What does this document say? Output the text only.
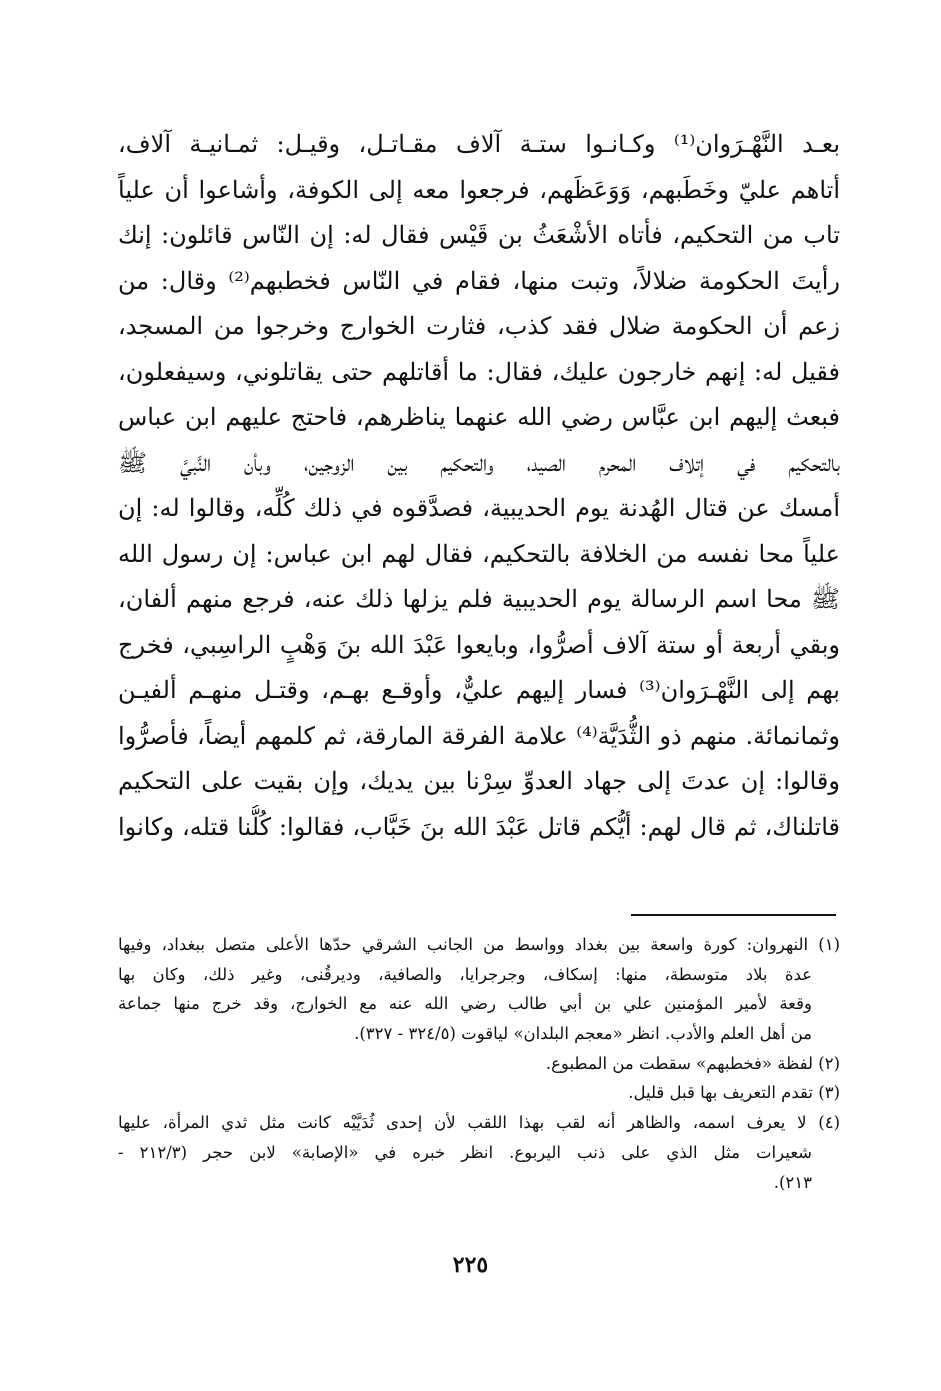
بعـد النَّهْـرَوان⁽¹⁾ وكـانـوا ستـة آلاف مقـاتـل، وقيـل: ثمـانيـة آلاف،
أتاهم عليّ وخَطَبهم، وَوَعَظَهم، فرجعوا معه إلى الكوفة، وأشاعوا أن علياً
تاب من التحكيم، فأتاه الأشْعَثُ بن قَيْس فقال له: إن النّاس قائلون: إنك
رأيتَ الحكومة ضلالاً، وتبت منها، فقام في النّاس فخطبهم⁽²⁾ وقال: من
زعم أن الحكومة ضلال فقد كذب، فثارت الخوارج وخرجوا من المسجد،
فقيل له: إنهم خارجون عليك، فقال: ما أقاتلهم حتى يقاتلوني، وسيفعلون،
فبعث إليهم ابن عبَّاس رضي الله عنهما يناظرهم، فاحتج عليهم ابن عباس
بالتحكيم في إتلاف المحرم الصيد، والتحكيم بين الزوجين، وبأن النَّبيَّ ﷺ
أمسك عن قتال الهُدنة يوم الحديبية، فصدَّقوه في ذلك كُلِّه، وقالوا له: إن
علياً محا نفسه من الخلافة بالتحكيم، فقال لهم ابن عباس: إن رسول الله
ﷺ محا اسم الرسالة يوم الحديبية فلم يزلها ذلك عنه، فرجع منهم ألفان،
وبقي أربعة أو ستة آلاف أصرُّوا، وبايعوا عَبْدَ الله بنَ وَهْبٍ الراسِبي، فخرج
بهم إلى النَّهْـرَوان⁽³⁾ فسار إليهم عليٌّ، وأوقـع بهـم، وقتـل منهـم ألفيـن
وثمانمائة. منهم ذو الثُّدَيَّة⁽⁴⁾ علامة الفرقة المارقة، ثم كلمهم أيضاً، فأصرُّوا
وقالوا: إن عدتَ إلى جهاد العدوِّ سِرْنا بين يديك، وإن بقيت على التحكيم
قاتلناك، ثم قال لهم: أيُّكم قاتل عَبْدَ الله بنَ خَبَّاب، فقالوا: كُلُّنا قتله، وكانوا
(١) النهروان: كورة واسعة بين بغداد وواسط من الجانب الشرقي حدّها الأعلى متصل ببغداد، وفيها
عدة بلاد متوسطة، منها: إسكاف، وجرجرايا، والصافية، وديرقُنى، وغير ذلك، وكان بها
وقعة لأمير المؤمنين علي بن أبي طالب رضي الله عنه مع الخوارج، وقد خرج منها جماعة
من أهل العلم والأدب. انظر «معجم البلدان» لياقوت (٣٢٤/٥ - ٣٢٧).
(٢) لفظة «فخطبهم» سقطت من المطبوع.
(٣) تقدم التعريف بها قبل قليل.
(٤) لا يعرف اسمه، والظاهر أنه لقب بهذا اللقب لأن إحدى ثُدَيَّيْه كانت مثل ثدي المرأة، عليها
شعيرات مثل الذي على ذنب اليربوع. انظر خبره في «الإصابة» لابن حجر (٢١٢/٣ -
٢١٣).
٢٢٥
